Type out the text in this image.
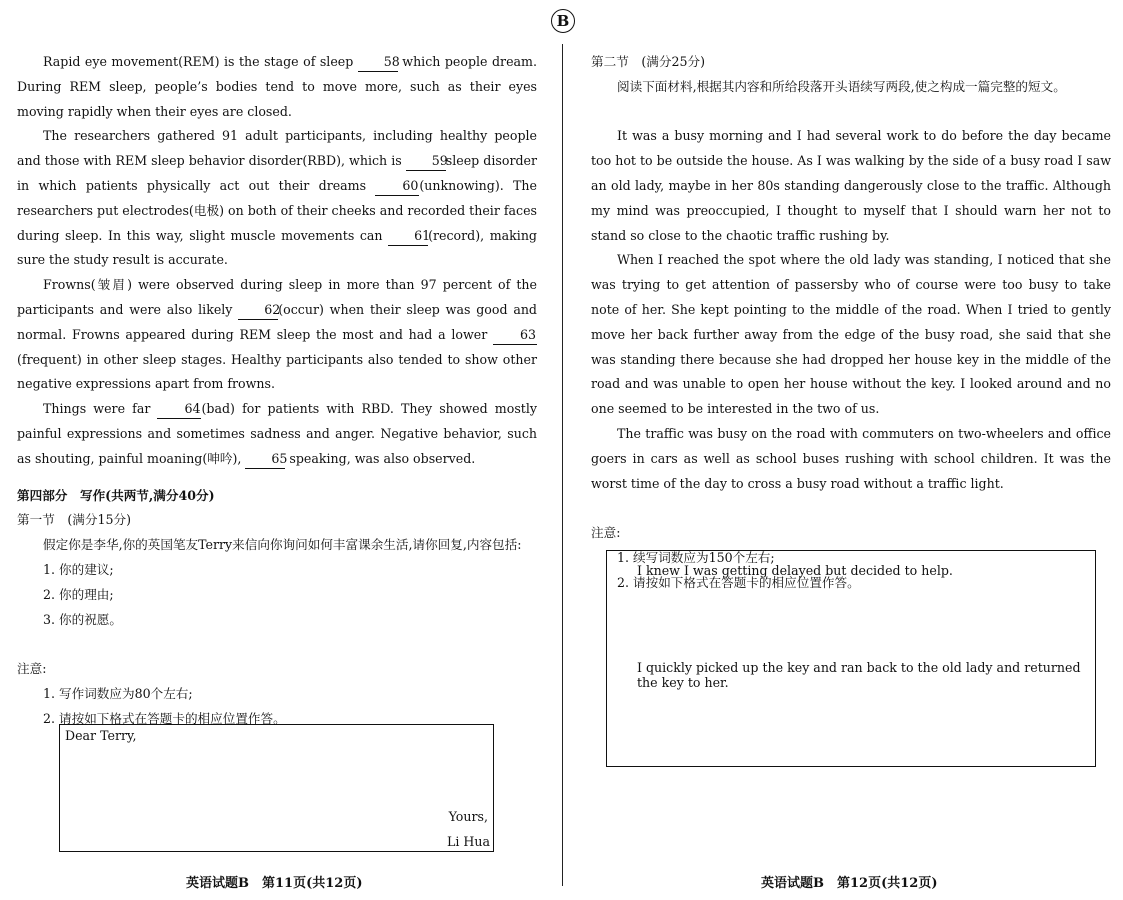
B

Rapid eye movement(REM) is the stage of sleep 58 which people dream. During REM sleep, people’s bodies tend to move more, such as their eyes moving rapidly when their eyes are closed.

The researchers gathered 91 adult participants, including healthy people and those with REM sleep behavior disorder(RBD), which is 59sleep disorder in which patients physically act out their dreams 60(unknowing). The researchers put electrodes(电极) on both of their cheeks and recorded their faces during sleep. In this way, slight muscle movements can 61(record), making sure the study result is accurate.

Frowns(皱眉) were observed during sleep in more than 97 percent of the participants and were also likely 62(occur) when their sleep was good and normal. Frowns appeared during REM sleep the most and had a lower 63(frequent) in other sleep stages. Healthy participants also tended to show other negative expressions apart from frowns.

Things were far 64(bad) for patients with RBD. They showed mostly painful expressions and sometimes sadness and anger. Negative behavior, such as shouting, painful moaning(呻吟), 65 speaking, was also observed.

第四部分　写作(共两节,满分40分)

第一节　(满分15分)

假定你是李华,你的英国笔友Terry来信向你询问如何丰富课余生活,请你回复,内容包括:

1. 你的建议;

2. 你的理由;

3. 你的祝愿。

注意:

1. 写作词数应为80个左右;

2. 请按如下格式在答题卡的相应位置作答。

Dear Terry,
Yours,
Li Hua
英语试题B　第11页(共12页)

第二节　(满分25分)

阅读下面材料,根据其内容和所给段落开头语续写两段,使之构成一篇完整的短文。

It was a busy morning and I had several work to do before the day became too hot to be outside the house. As I was walking by the side of a busy road I saw an old lady, maybe in her 80s standing dangerously close to the traffic. Although my mind was preoccupied, I thought to myself that I should warn her not to stand so close to the chaotic traffic rushing by.

When I reached the spot where the old lady was standing, I noticed that she was trying to get attention of passersby who of course were too busy to take note of her. She kept pointing to the middle of the road. When I tried to gently move her back further away from the edge of the busy road, she said that she was standing there because she had dropped her house key in the middle of the road and was unable to open her house without the key. I looked around and no one seemed to be interested in the two of us.

The traffic was busy on the road with commuters on two-wheelers and office goers in cars as well as school buses rushing with school children. It was the worst time of the day to cross a busy road without a traffic light.

注意:

1. 续写词数应为150个左右;

2. 请按如下格式在答题卡的相应位置作答。

I knew I was getting delayed but decided to help.
I quickly picked up the key and ran back to the old lady and returned the key to her.
英语试题B　第12页(共12页)
